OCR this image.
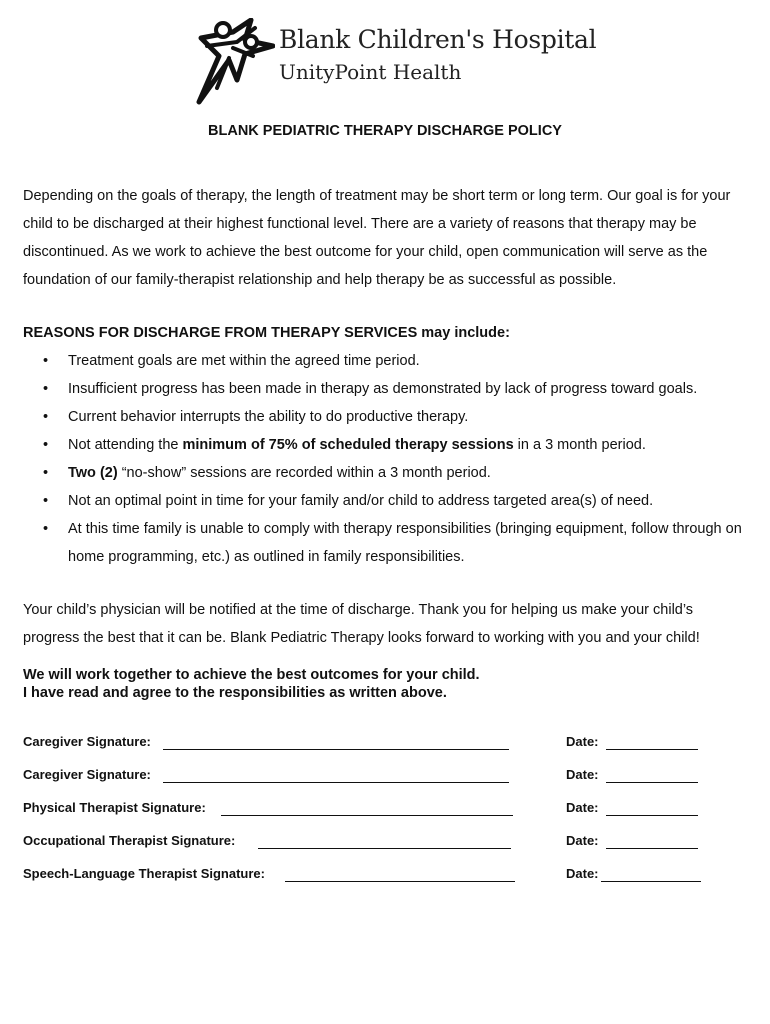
Blank Children's Hospital
UnityPoint Health
BLANK PEDIATRIC THERAPY DISCHARGE POLICY

Depending on the goals of therapy, the length of treatment may be short term or long term. Our goal is for your child to be discharged at their highest functional level. There are a variety of reasons that therapy may be discontinued. As we work to achieve the best outcome for your child, open communication will serve as the foundation of our family-therapist relationship and help therapy be as successful as possible.

REASONS FOR DISCHARGE FROM THERAPY SERVICES may include:

• Treatment goals are met within the agreed time period.
• Insufficient progress has been made in therapy as demonstrated by lack of progress toward goals.
• Current behavior interrupts the ability to do productive therapy.
• Not attending the minimum of 75% of scheduled therapy sessions in a 3 month period.
• Two (2) “no-show” sessions are recorded within a 3 month period.
• Not an optimal point in time for your family and/or child to address targeted area(s) of need.
• At this time family is unable to comply with therapy responsibilities (bringing equipment, follow through on home programming, etc.) as outlined in family responsibilities.

Your child’s physician will be notified at the time of discharge. Thank you for helping us make your child’s progress the best that it can be. Blank Pediatric Therapy looks forward to working with you and your child!

We will work together to achieve the best outcomes for your child.

I have read and agree to the responsibilities as written above.

Caregiver Signature:	Date:
Caregiver Signature:	Date:
Physical Therapist Signature:	Date:
Occupational Therapist Signature:	Date:
Speech-Language Therapist Signature:	Date:
